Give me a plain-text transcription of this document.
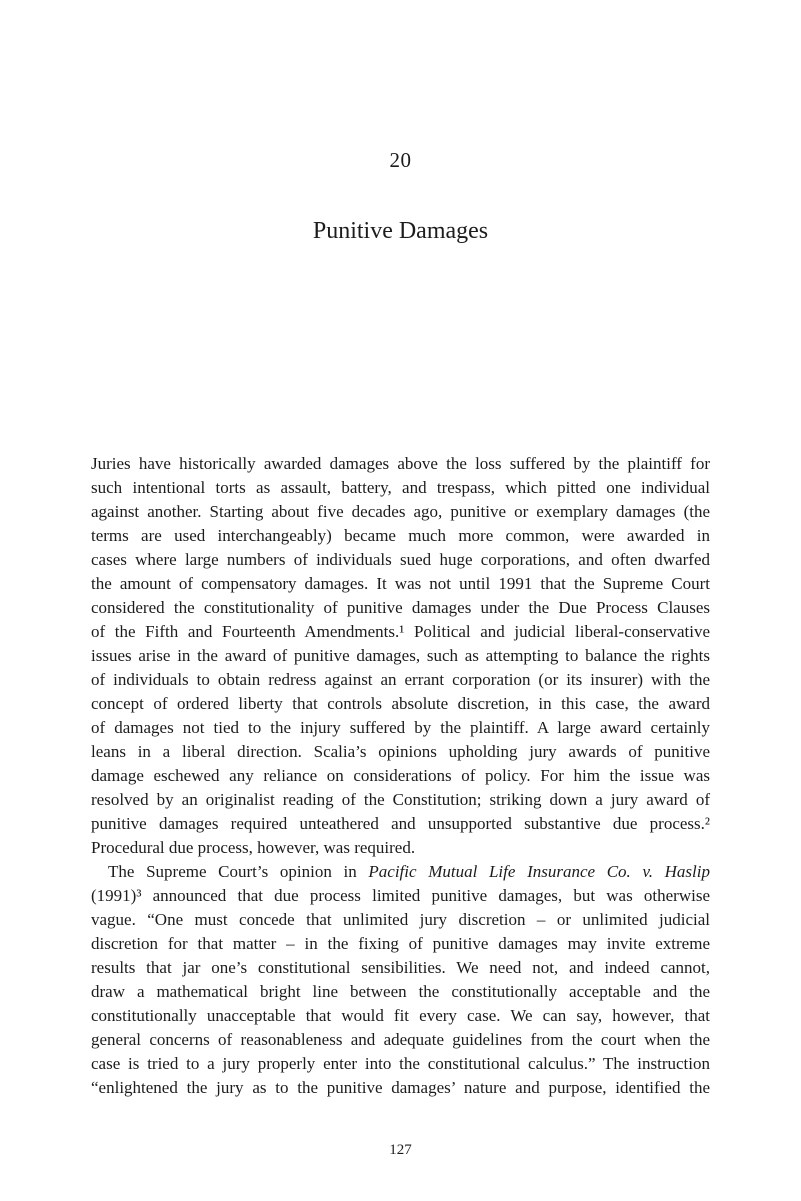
20
Punitive Damages
Juries have historically awarded damages above the loss suffered by the plaintiff for
such intentional torts as assault, battery, and trespass, which pitted one individual
against another. Starting about five decades ago, punitive or exemplary damages (the
terms are used interchangeably) became much more common, were awarded in
cases where large numbers of individuals sued huge corporations, and often dwarfed
the amount of compensatory damages. It was not until 1991 that the Supreme Court
considered the constitutionality of punitive damages under the Due Process Clauses
of the Fifth and Fourteenth Amendments.¹ Political and judicial liberal-conservative
issues arise in the award of punitive damages, such as attempting to balance the rights
of individuals to obtain redress against an errant corporation (or its insurer) with the
concept of ordered liberty that controls absolute discretion, in this case, the award
of damages not tied to the injury suffered by the plaintiff. A large award certainly
leans in a liberal direction. Scalia’s opinions upholding jury awards of punitive
damage eschewed any reliance on considerations of policy. For him the issue was
resolved by an originalist reading of the Constitution; striking down a jury award of
punitive damages required unteathered and unsupported substantive due process.²
Procedural due process, however, was required.
The Supreme Court’s opinion in Pacific Mutual Life Insurance Co. v. Haslip
(1991)³ announced that due process limited punitive damages, but was otherwise
vague. “One must concede that unlimited jury discretion – or unlimited judicial
discretion for that matter – in the fixing of punitive damages may invite extreme
results that jar one’s constitutional sensibilities. We need not, and indeed cannot,
draw a mathematical bright line between the constitutionally acceptable and the
constitutionally unacceptable that would fit every case. We can say, however, that
general concerns of reasonableness and adequate guidelines from the court when the
case is tried to a jury properly enter into the constitutional calculus.” The instruction
“enlightened the jury as to the punitive damages’ nature and purpose, identified the
127
